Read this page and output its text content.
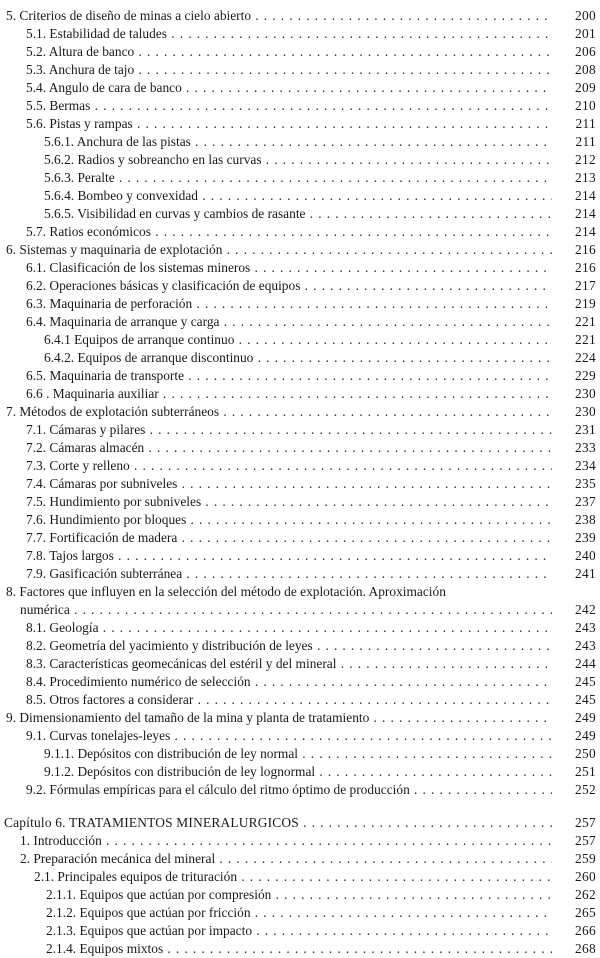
5. Criterios de diseño de minas a cielo abierto . . .	200
5.1. Estabilidad de taludes . . .	201
5.2. Altura de banco . . .	206
5.3. Anchura de tajo . . .	208
5.4. Angulo de cara de banco . . .	209
5.5. Bermas . . .	210
5.6. Pistas y rampas . . .	211
5.6.1. Anchura de las pistas . . .	211
5.6.2. Radios y sobreancho en las curvas . . .	212
5.6.3. Peralte . . .	213
5.6.4. Bombeo y convexidad . . .	214
5.6.5. Visibilidad en curvas y cambios de rasante . . .	214
5.7. Ratios económicos . . .	214
6. Sistemas y maquinaria de explotación . . .	216
6.1. Clasificación de los sistemas mineros . . .	216
6.2. Operaciones básicas y clasificación de equipos . . .	217
6.3. Maquinaria de perforación . . .	219
6.4. Maquinaria de arranque y carga . . .	221
6.4.1 Equipos de arranque continuo . . .	221
6.4.2. Equipos de arranque discontinuo . . .	224
6.5. Maquinaria de transporte . . .	229
6.6 . Maquinaria auxiliar . . .	230
7. Métodos de explotación subterráneos . . .	230
7.1. Cámaras y pilares . . .	231
7.2. Cámaras almacén . . .	233
7.3. Corte y relleno . . .	234
7.4. Cámaras por subniveles . . .	235
7.5. Hundimiento por subniveles . . .	237
7.6. Hundimiento por bloques . . .	238
7.7. Fortificación de madera . . .	239
7.8. Tajos largos . . .	240
7.9. Gasificación subterránea . . .	241
8. Factores que influyen en la selección del método de explotación. Aproximación
numérica . . .	242
8.1. Geología . . .	243
8.2. Geometría del yacimiento y distribución de leyes . . .	243
8.3. Características geomecánicas del estéril y del mineral . . .	244
8.4. Procedimiento numérico de selección . . .	245
8.5. Otros factores a considerar . . .	245
9. Dimensionamiento del tamaño de la mina y planta de tratamiento . . .	249
9.1. Curvas tonelajes-leyes . . .	249
9.1.1. Depósitos con distribución de ley normal . . .	250
9.1.2. Depósitos con distribución de ley lognormal . . .	251
9.2. Fórmulas empíricas para el cálculo del ritmo óptimo de producción . . .	252
Capítulo 6. TRATAMIENTOS MINERALURGICOS . . .	257
1. Introducción . . .	257
2. Preparación mecánica del mineral . . .	259
2.1. Principales equipos de trituración . . .	260
2.1.1. Equipos que actúan por compresión . . .	262
2.1.2. Equipos que actúan por fricción . . .	265
2.1.3. Equipos que actúan por impacto . . .	266
2.1.4. Equipos mixtos . . .	268
